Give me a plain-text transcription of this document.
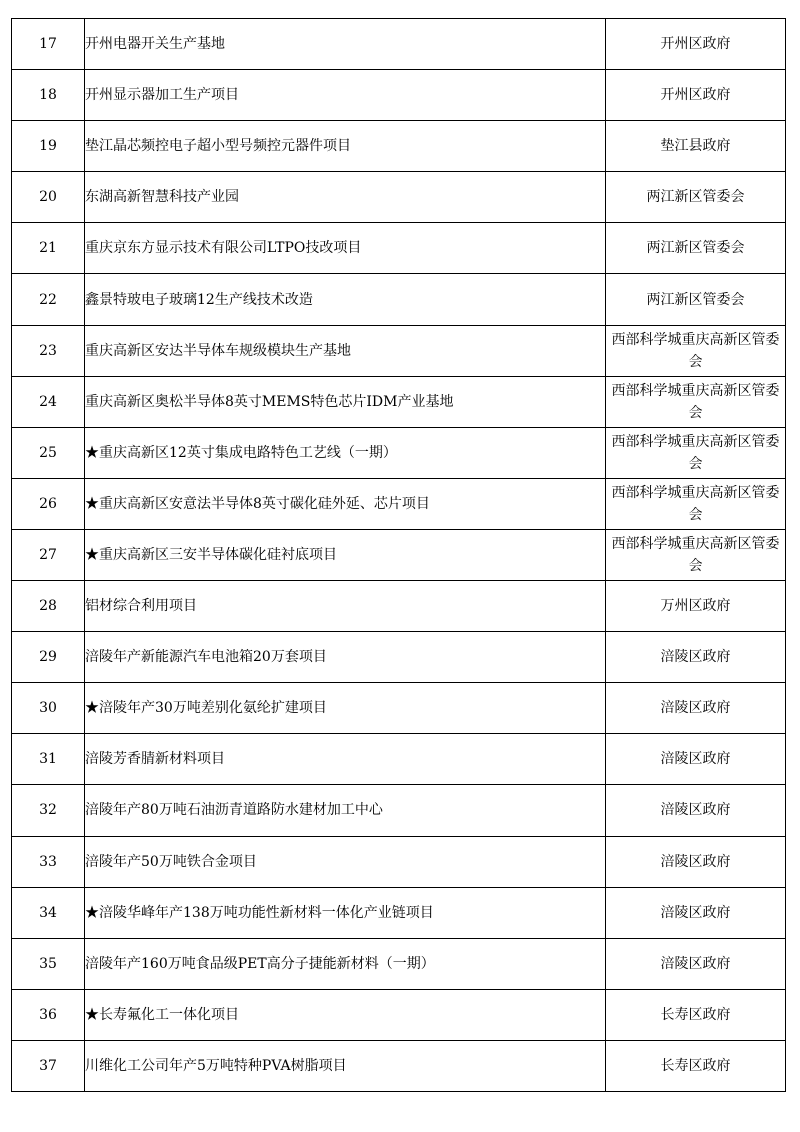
17	开州电器开关生产基地	开州区政府
18	开州显示器加工生产项目	开州区政府
19	垫江晶芯频控电子超小型号频控元器件项目	垫江县政府
20	东湖高新智慧科技产业园	两江新区管委会
21	重庆京东方显示技术有限公司LTPO技改项目	两江新区管委会
22	鑫景特玻电子玻璃12生产线技术改造	两江新区管委会
23	重庆高新区安达半导体车规级模块生产基地	西部科学城重庆高新区管委会
24	重庆高新区奥松半导体8英寸MEMS特色芯片IDM产业基地	西部科学城重庆高新区管委会
25	★重庆高新区12英寸集成电路特色工艺线（一期）	西部科学城重庆高新区管委会
26	★重庆高新区安意法半导体8英寸碳化硅外延、芯片项目	西部科学城重庆高新区管委会
27	★重庆高新区三安半导体碳化硅衬底项目	西部科学城重庆高新区管委会
28	铝材综合利用项目	万州区政府
29	涪陵年产新能源汽车电池箱20万套项目	涪陵区政府
30	★涪陵年产30万吨差别化氨纶扩建项目	涪陵区政府
31	涪陵芳香腈新材料项目	涪陵区政府
32	涪陵年产80万吨石油沥青道路防水建材加工中心	涪陵区政府
33	涪陵年产50万吨铁合金项目	涪陵区政府
34	★涪陵华峰年产138万吨功能性新材料一体化产业链项目	涪陵区政府
35	涪陵年产160万吨食品级PET高分子捷能新材料（一期）	涪陵区政府
36	★长寿氟化工一体化项目	长寿区政府
37	川维化工公司年产5万吨特种PVA树脂项目	长寿区政府
